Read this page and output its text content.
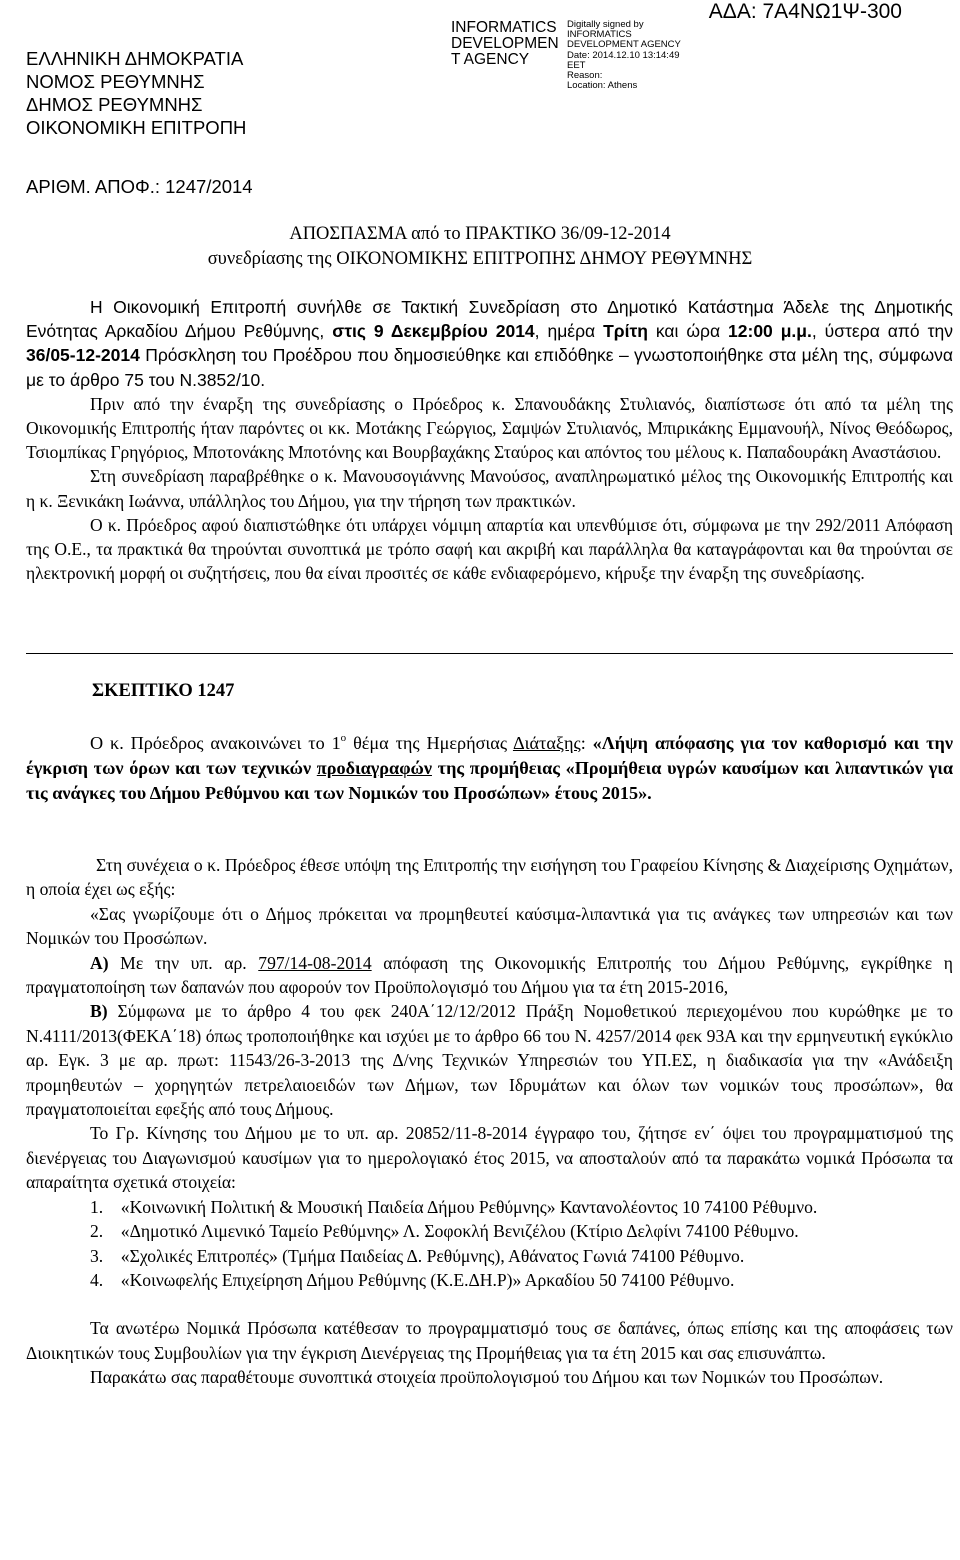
ΑΔΑ: 7Α4ΝΩ1Ψ-300
ΕΛΛΗΝΙΚΗ ΔΗΜΟΚΡΑΤΙΑ
ΝΟΜΟΣ ΡΕΘΥΜΝΗΣ
ΔΗΜΟΣ ΡΕΘΥΜΝΗΣ
ΟΙΚΟΝΟΜΙΚΗ ΕΠΙΤΡΟΠΗ
INFORMATICS
DEVELOPMEN
T AGENCY
Digitally signed by
INFORMATICS
DEVELOPMENT AGENCY
Date: 2014.12.10 13:14:49
EET
Reason:
Location: Athens
ΑΡΙΘΜ. ΑΠΟΦ.: 1247/2014
ΑΠΟΣΠΑΣΜΑ από το ΠΡΑΚΤΙΚΟ 36/09-12-2014
συνεδρίασης της ΟΙΚΟΝΟΜΙΚΗΣ ΕΠΙΤΡΟΠΗΣ ΔΗΜΟΥ ΡΕΘΥΜΝΗΣ

Η Οικονομική Επιτροπή συνήλθε σε Τακτική Συνεδρίαση στο Δημοτικό Κατάστημα Άδελε της Δημοτικής Ενότητας Αρκαδίου Δήμου Ρεθύμνης, στις 9 Δεκεμβρίου 2014, ημέρα Τρίτη και ώρα 12:00 μ.μ., ύστερα από την 36/05-12-2014 Πρόσκληση του Προέδρου που δημοσιεύθηκε και επιδόθηκε – γνωστοποιήθηκε στα μέλη της, σύμφωνα με το άρθρο 75 του Ν.3852/10.

Πριν από την έναρξη της συνεδρίασης ο Πρόεδρος κ. Σπανουδάκης Στυλιανός, διαπίστωσε ότι από τα μέλη της Οικονομικής Επιτροπής ήταν παρόντες οι κκ. Μοτάκης Γεώργιος, Σαμψών Στυλιανός, Μπιρικάκης Εμμανουήλ, Νίνος Θεόδωρος, Τσιομπίκας Γρηγόριος, Μποτονάκης Μποτόνης και Βουρβαχάκης Σταύρος και απόντος του μέλους κ. Παπαδουράκη Αναστάσιου.

Στη συνεδρίαση παραβρέθηκε ο κ. Μανουσογιάννης Μανούσος, αναπληρωματικό μέλος της Οικονομικής Επιτροπής και η κ. Ξενικάκη Ιωάννα, υπάλληλος του Δήμου, για την τήρηση των πρακτικών.

Ο κ. Πρόεδρος αφού διαπιστώθηκε ότι υπάρχει νόμιμη απαρτία και υπενθύμισε ότι, σύμφωνα με την 292/2011 Απόφαση της Ο.Ε., τα πρακτικά θα τηρούνται συνοπτικά με τρόπο σαφή και ακριβή και παράλληλα θα καταγράφονται και θα τηρούνται σε ηλεκτρονική μορφή οι συζητήσεις, που θα είναι προσιτές σε κάθε ενδιαφερόμενο, κήρυξε την έναρξη της συνεδρίασης.

ΣΚΕΠΤΙΚΟ 1247

Ο κ. Πρόεδρος ανακοινώνει το $1^o$ θέμα της Ημερήσιας Διάταξης: «Λήψη απόφασης για τον καθορισμό και την έγκριση των όρων και των τεχνικών προδιαγραφών της προμήθειας «Προμήθεια υγρών καυσίμων και λιπαντικών για τις ανάγκες του Δήμου Ρεθύμνου και των Νομικών του Προσώπων» έτους 2015».

Στη συνέχεια ο κ. Πρόεδρος έθεσε υπόψη της Επιτροπής την εισήγηση του Γραφείου Κίνησης & Διαχείρισης Οχημάτων, η οποία έχει ως εξής:

«Σας γνωρίζουμε ότι ο Δήμος πρόκειται να προμηθευτεί καύσιμα-λιπαντικά για τις ανάγκες των υπηρεσιών και των Νομικών του Προσώπων.

Α) Με την υπ. αρ. 797/14-08-2014 απόφαση της Οικονομικής Επιτροπής του Δήμου Ρεθύμνης, εγκρίθηκε η πραγματοποίηση των δαπανών που αφορούν τον Προϋπολογισμό του Δήμου για τα έτη 2015-2016,

Β) Σύμφωνα με το άρθρο 4 του φεκ 240Α΄12/12/2012 Πράξη Νομοθετικού περιεχομένου που κυρώθηκε με το Ν.4111/2013(ΦΕΚΑ΄18) όπως τροποποιήθηκε και ισχύει με το άρθρο 66 του Ν. 4257/2014 φεκ 93Α και την ερμηνευτική εγκύκλιο αρ. Εγκ. 3 με αρ. πρωτ: 11543/26-3-2013 της Δ/νης Τεχνικών Υπηρεσιών του ΥΠ.ΕΣ, η διαδικασία για την «Ανάδειξη προμηθευτών – χορηγητών πετρελαιοειδών των Δήμων, των Ιδρυμάτων και όλων των νομικών τους προσώπων», θα πραγματοποιείται εφεξής από τους Δήμους.

Το Γρ. Κίνησης του Δήμου με το υπ. αρ. 20852/11-8-2014 έγγραφο του, ζήτησε εν΄ όψει του προγραμματισμού της διενέργειας του Διαγωνισμού καυσίμων για το ημερολογιακό έτος 2015, να αποσταλούν από τα παρακάτω νομικά Πρόσωπα τα απαραίτητα σχετικά στοιχεία:

1. «Κοινωνική Πολιτική & Μουσική Παιδεία Δήμου Ρεθύμνης» Καντανολέοντος 10 74100 Ρέθυμνο.

2. «Δημοτικό Λιμενικό Ταμείο Ρεθύμνης» Λ. Σοφοκλή Βενιζέλου (Κτίριο Δελφίνι 74100 Ρέθυμνο.

3. «Σχολικές Επιτροπές» (Τμήμα Παιδείας Δ. Ρεθύμνης), Αθάνατος Γωνιά 74100 Ρέθυμνο.

4. «Κοινωφελής Επιχείρηση Δήμου Ρεθύμνης (Κ.Ε.ΔΗ.Ρ)» Αρκαδίου 50 74100 Ρέθυμνο.

Τα ανωτέρω Νομικά Πρόσωπα κατέθεσαν το προγραμματισμό τους σε δαπάνες, όπως επίσης και της αποφάσεις των Διοικητικών τους Συμβουλίων για την έγκριση Διενέργειας της Προμήθειας για τα έτη 2015 και σας επισυνάπτω.

Παρακάτω σας παραθέτουμε συνοπτικά στοιχεία προϋπολογισμού του Δήμου και των Νομικών του Προσώπων.
